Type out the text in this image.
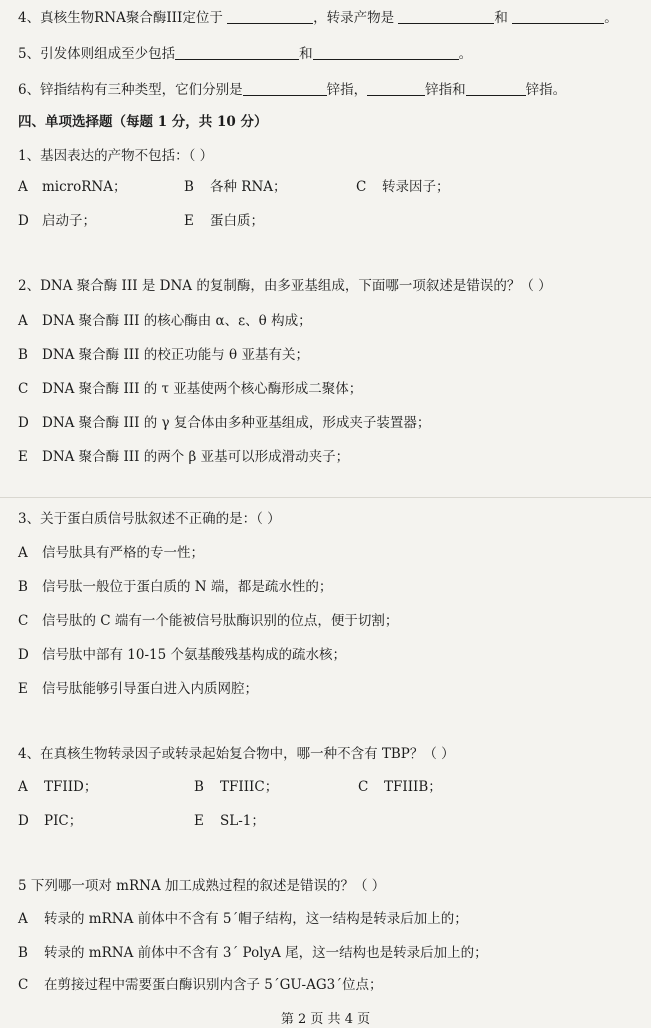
4、真核生物RNA聚合酶III定位于	，转录产物是	和	。
5、引发体则组成至少包括	和	。
6、锌指结构有三种类型，它们分别是	锌指，	锌指和	锌指。
四、单项选择题（每题 1 分，共 10 分）
1、基因表达的产物不包括：（ ）
A microRNA；	B 各种 RNA；	C 转录因子；
D 启动子；	E 蛋白质；
2、DNA 聚合酶 III 是 DNA 的复制酶，由多亚基组成，下面哪一项叙述是错误的？（ ）
A DNA 聚合酶 III 的核心酶由 α、ε、θ 构成；
B DNA 聚合酶 III 的校正功能与 θ 亚基有关；
C DNA 聚合酶 III 的 τ 亚基使两个核心酶形成二聚体；
D DNA 聚合酶 III 的 γ 复合体由多种亚基组成，形成夹子装置器；
E DNA 聚合酶 III 的两个 β 亚基可以形成滑动夹子；
3、关于蛋白质信号肽叙述不正确的是：（ ）
A 信号肽具有严格的专一性；
B 信号肽一般位于蛋白质的 N 端，都是疏水性的；
C 信号肽的 C 端有一个能被信号肽酶识别的位点，便于切割；
D 信号肽中部有 10-15 个氨基酸残基构成的疏水核；
E 信号肽能够引导蛋白进入内质网腔；
4、在真核生物转录因子或转录起始复合物中，哪一种不含有 TBP？（ ）
A TFIID；	B TFIIIC；	C TFIIIB；
D PIC；	E SL-1；
5 下列哪一项对 mRNA 加工成熟过程的叙述是错误的？（ ）
A 转录的 mRNA 前体中不含有 5´帽子结构，这一结构是转录后加上的；
B 转录的 mRNA 前体中不含有 3´ PolyA 尾，这一结构也是转录后加上的；
C 在剪接过程中需要蛋白酶识别内含子 5´GU-AG3´位点；
第 2 页 共 4 页
